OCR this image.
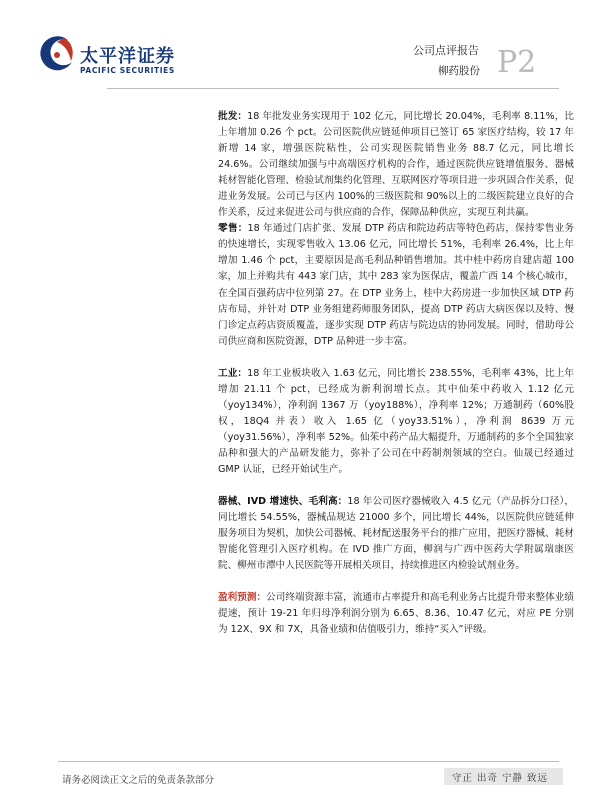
太平洋证券
PACIFIC SECURITIES
公司点评报告
柳药股份 P2

批发：18 年批发业务实现用于 102 亿元，同比增长 20.04%，毛利率 8.11%，比上年增加 0.26 个 pct。公司医院供应链延伸项目已签订 65 家医疗结构，较 17 年新增 14 家，增强医院粘性，公司实现医院销售业务 88.7 亿元，同比增长 24.6%。公司继续加强与中高端医疗机构的合作，通过医院供应链增值服务、器械耗材智能化管理、检验试剂集约化管理、互联网医疗等项目进一步巩固合作关系，促进业务发展。公司已与区内 100%的三级医院和 90%以上的二级医院建立良好的合作关系，反过来促进公司与供应商的合作，保障品种供应，实现互利共赢。

零售：18 年通过门店扩张、发展 DTP 药店和院边药店等特色药店，保持零售业务的快速增长，实现零售收入 13.06 亿元，同比增长 51%，毛利率 26.4%，比上年增加 1.46 个 pct，主要原因是高毛利品种销售增加。其中桂中药房自建店超 100 家，加上并购共有 443 家门店，其中 283 家为医保店，覆盖广西 14 个核心城市，在全国百强药店中位列第 27。在 DTP 业务上，桂中大药房进一步加快区域 DTP 药店布局，并针对 DTP 业务组建药师服务团队，提高 DTP 药店大病医保以及特、慢门诊定点药店资质覆盖，逐步实现 DTP 药店与院边店的协同发展。同时，借助母公司供应商和医院资源，DTP 品种进一步丰富。

工业：18 年工业板块收入 1.63 亿元，同比增长 238.55%，毛利率 43%，比上年增加 21.11 个 pct，已经成为新利润增长点。其中仙茱中药收入 1.12 亿元（yoy134%），净利润 1367 万（yoy188%），净利率 12%；万通制药（60%股权，18Q4 并表）收入 1.65 亿（yoy33.51%），净利润 8639 万元（yoy31.56%），净利率 52%。仙茱中药产品大幅提升，万通制药的多个全国独家品种和强大的产品研发能力，弥补了公司在中药制剂领域的空白。仙晟已经通过 GMP 认证，已经开始试生产。

器械、IVD 增速快、毛利高：18 年公司医疗器械收入 4.5 亿元（产品拆分口径），同比增长 54.55%，器械品规达 21000 多个，同比增长 44%，以医院供应链延伸服务项目为契机，加快公司器械、耗材配送服务平台的推广应用，把医疗器械、耗材智能化管理引入医疗机构。在 IVD 推广方面，柳润与广西中医药大学附属瑞康医院、柳州市潭中人民医院等开展相关项目，持续推进区内检验试剂业务。

盈利预测：公司终端资源丰富，流通市占率提升和高毛利业务占比提升带来整体业绩提速，预计 19-21 年归母净利润分别为 6.65、8.36、10.47 亿元，对应 PE 分别为 12X、9X 和 7X，具备业绩和估值吸引力，维持“买入”评级。

请务必阅读正文之后的免责条款部分	守正 出奇 宁静 致远
